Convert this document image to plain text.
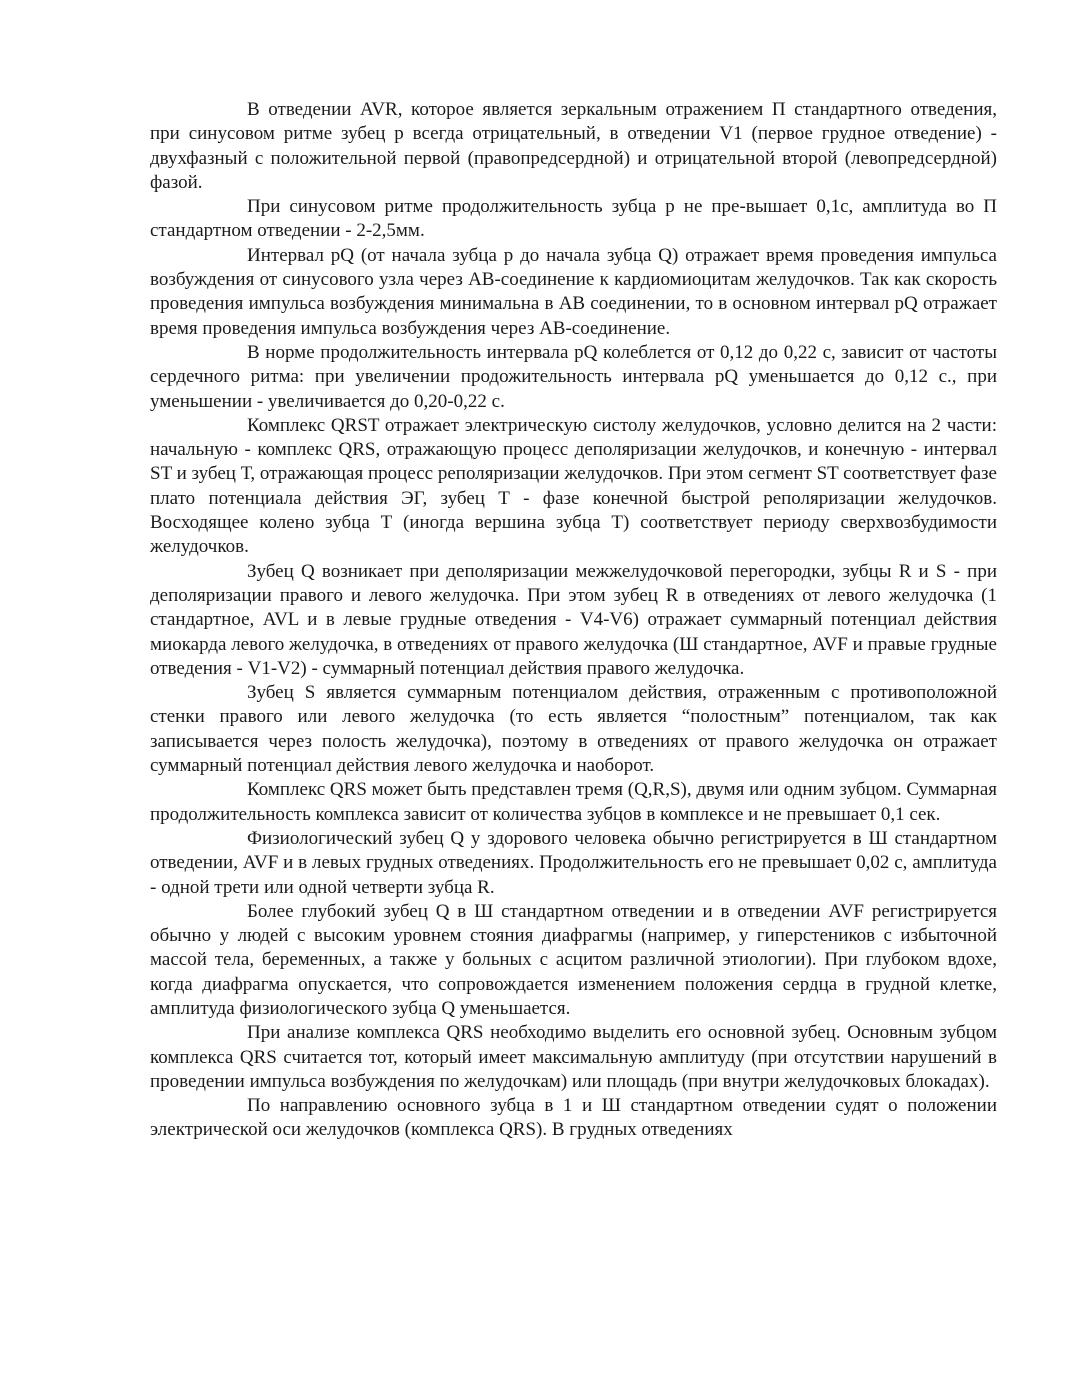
В отведении AVR, которое является зеркальным отражением П стандартного отведения, при синусовом ритме зубец р всегда отрицательный, в отведении V1 (первое грудное отведение) - двухфазный с положительной первой (правопредсердной) и отрицательной второй (левопредсердной) фазой.

При синусовом ритме продолжительность зубца р не пре-вышает 0,1с, амплитуда во П стандартном отведении - 2-2,5мм.

Интервал pQ (от начала зубца р до начала зубца Q) отражает время проведения импульса возбуждения от синусового узла через АВ-соединение к кардиомиоцитам желудочков. Так как скорость проведения импульса возбуждения минимальна в АВ соединении, то в основном интервал pQ отражает время проведения импульса возбуждения через АВ-соединение.

В норме продолжительность интервала pQ колеблется от 0,12 до 0,22 с, зависит от частоты сердечного ритма: при увеличении продожительность интервала pQ уменьшается до 0,12 с., при уменьшении - увеличивается до 0,20-0,22 с.

Комплекс QRST отражает электрическую систолу желудочков, условно делится на 2 части: начальную - комплекс QRS, отражающую процесс деполяризации желудочков, и конечную - интервал ST и зубец Т, отражающая процесс реполяризации желудочков. При этом сегмент ST соответствует фазе плато потенциала действия ЭГ, зубец Т - фазе конечной быстрой реполяризации желудочков. Восходящее колено зубца Т (иногда вершина зубца Т) соответствует периоду сверхвозбудимости желудочков.

Зубец Q возникает при деполяризации межжелудочковой перегородки, зубцы R и S - при деполяризации правого и левого желудочка. При этом зубец R в отведениях от левого желудочка (1 стандартное, AVL и в левые грудные отведения - V4-V6) отражает суммарный потенциал действия миокарда левого желудочка, в отведениях от правого желудочка (Ш стандартное, AVF и правые грудные отведения - V1-V2) - суммарный потенциал действия правого желудочка.

Зубец S является суммарным потенциалом действия, отраженным с противоположной стенки правого или левого желудочка (то есть является “полостным” потенциалом, так как записывается через полость желудочка), поэтому в отведениях от правого желудочка он отражает суммарный потенциал действия левого желудочка и наоборот.

Комплекс QRS может быть представлен тремя (Q,R,S), двумя или одним зубцом. Суммарная продолжительность комплекса зависит от количества зубцов в комплексе и не превышает 0,1 сек.

Физиологический зубец Q у здорового человека обычно регистрируется в Ш стандартном отведении, AVF и в левых грудных отведениях. Продолжительность его не превышает 0,02 с, амплитуда - одной трети или одной четверти зубца R.

Более глубокий зубец Q в Ш стандартном отведении и в отведении AVF регистрируется обычно у людей с высоким уровнем стояния диафрагмы (например, у гиперстеников с избыточной массой тела, беременных, а также у больных с асцитом различной этиологии). При глубоком вдохе, когда диафрагма опускается, что сопровождается изменением положения сердца в грудной клетке, амплитуда физиологического зубца Q уменьшается.

При анализе комплекса QRS необходимо выделить его основной зубец. Основным зубцом комплекса QRS считается тот, который имеет максимальную амплитуду (при отсутствии нарушений в проведении импульса возбуждения по желудочкам) или площадь (при внутри желудочковых блокадах).

По направлению основного зубца в 1 и Ш стандартном отведении судят о положении электрической оси желудочков (комплекса QRS). В грудных отведениях
